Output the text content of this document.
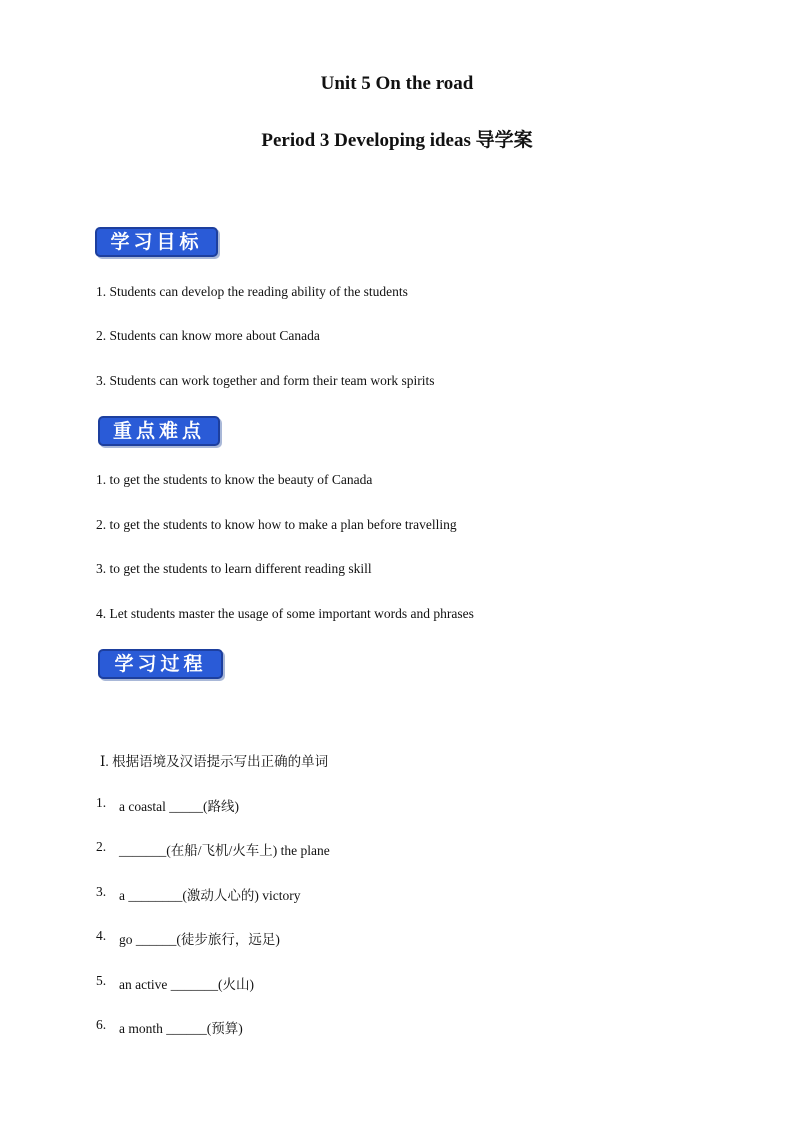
Unit 5 On the road
Period 3 Developing ideas 导学案
学习目标
1. Students can develop the reading ability of the students
2. Students can know more about Canada
3. Students can work together and form their team work spirits
重点难点
1. to get the students to know the beauty of Canada
2. to get the students to know how to make a plan before travelling
3. to get the students to learn different reading skill
4. Let students master the usage of some important words and phrases
学习过程
Ⅰ. 根据语境及汉语提示写出正确的单词
1. a coastal _____(路线)
2. _______(在船/飞机/火车上) the plane
3. a ________(激动人心的) victory
4. go ______(徒步旅行，远足)
5. an active _______(火山)
6. a month ______(预算)
